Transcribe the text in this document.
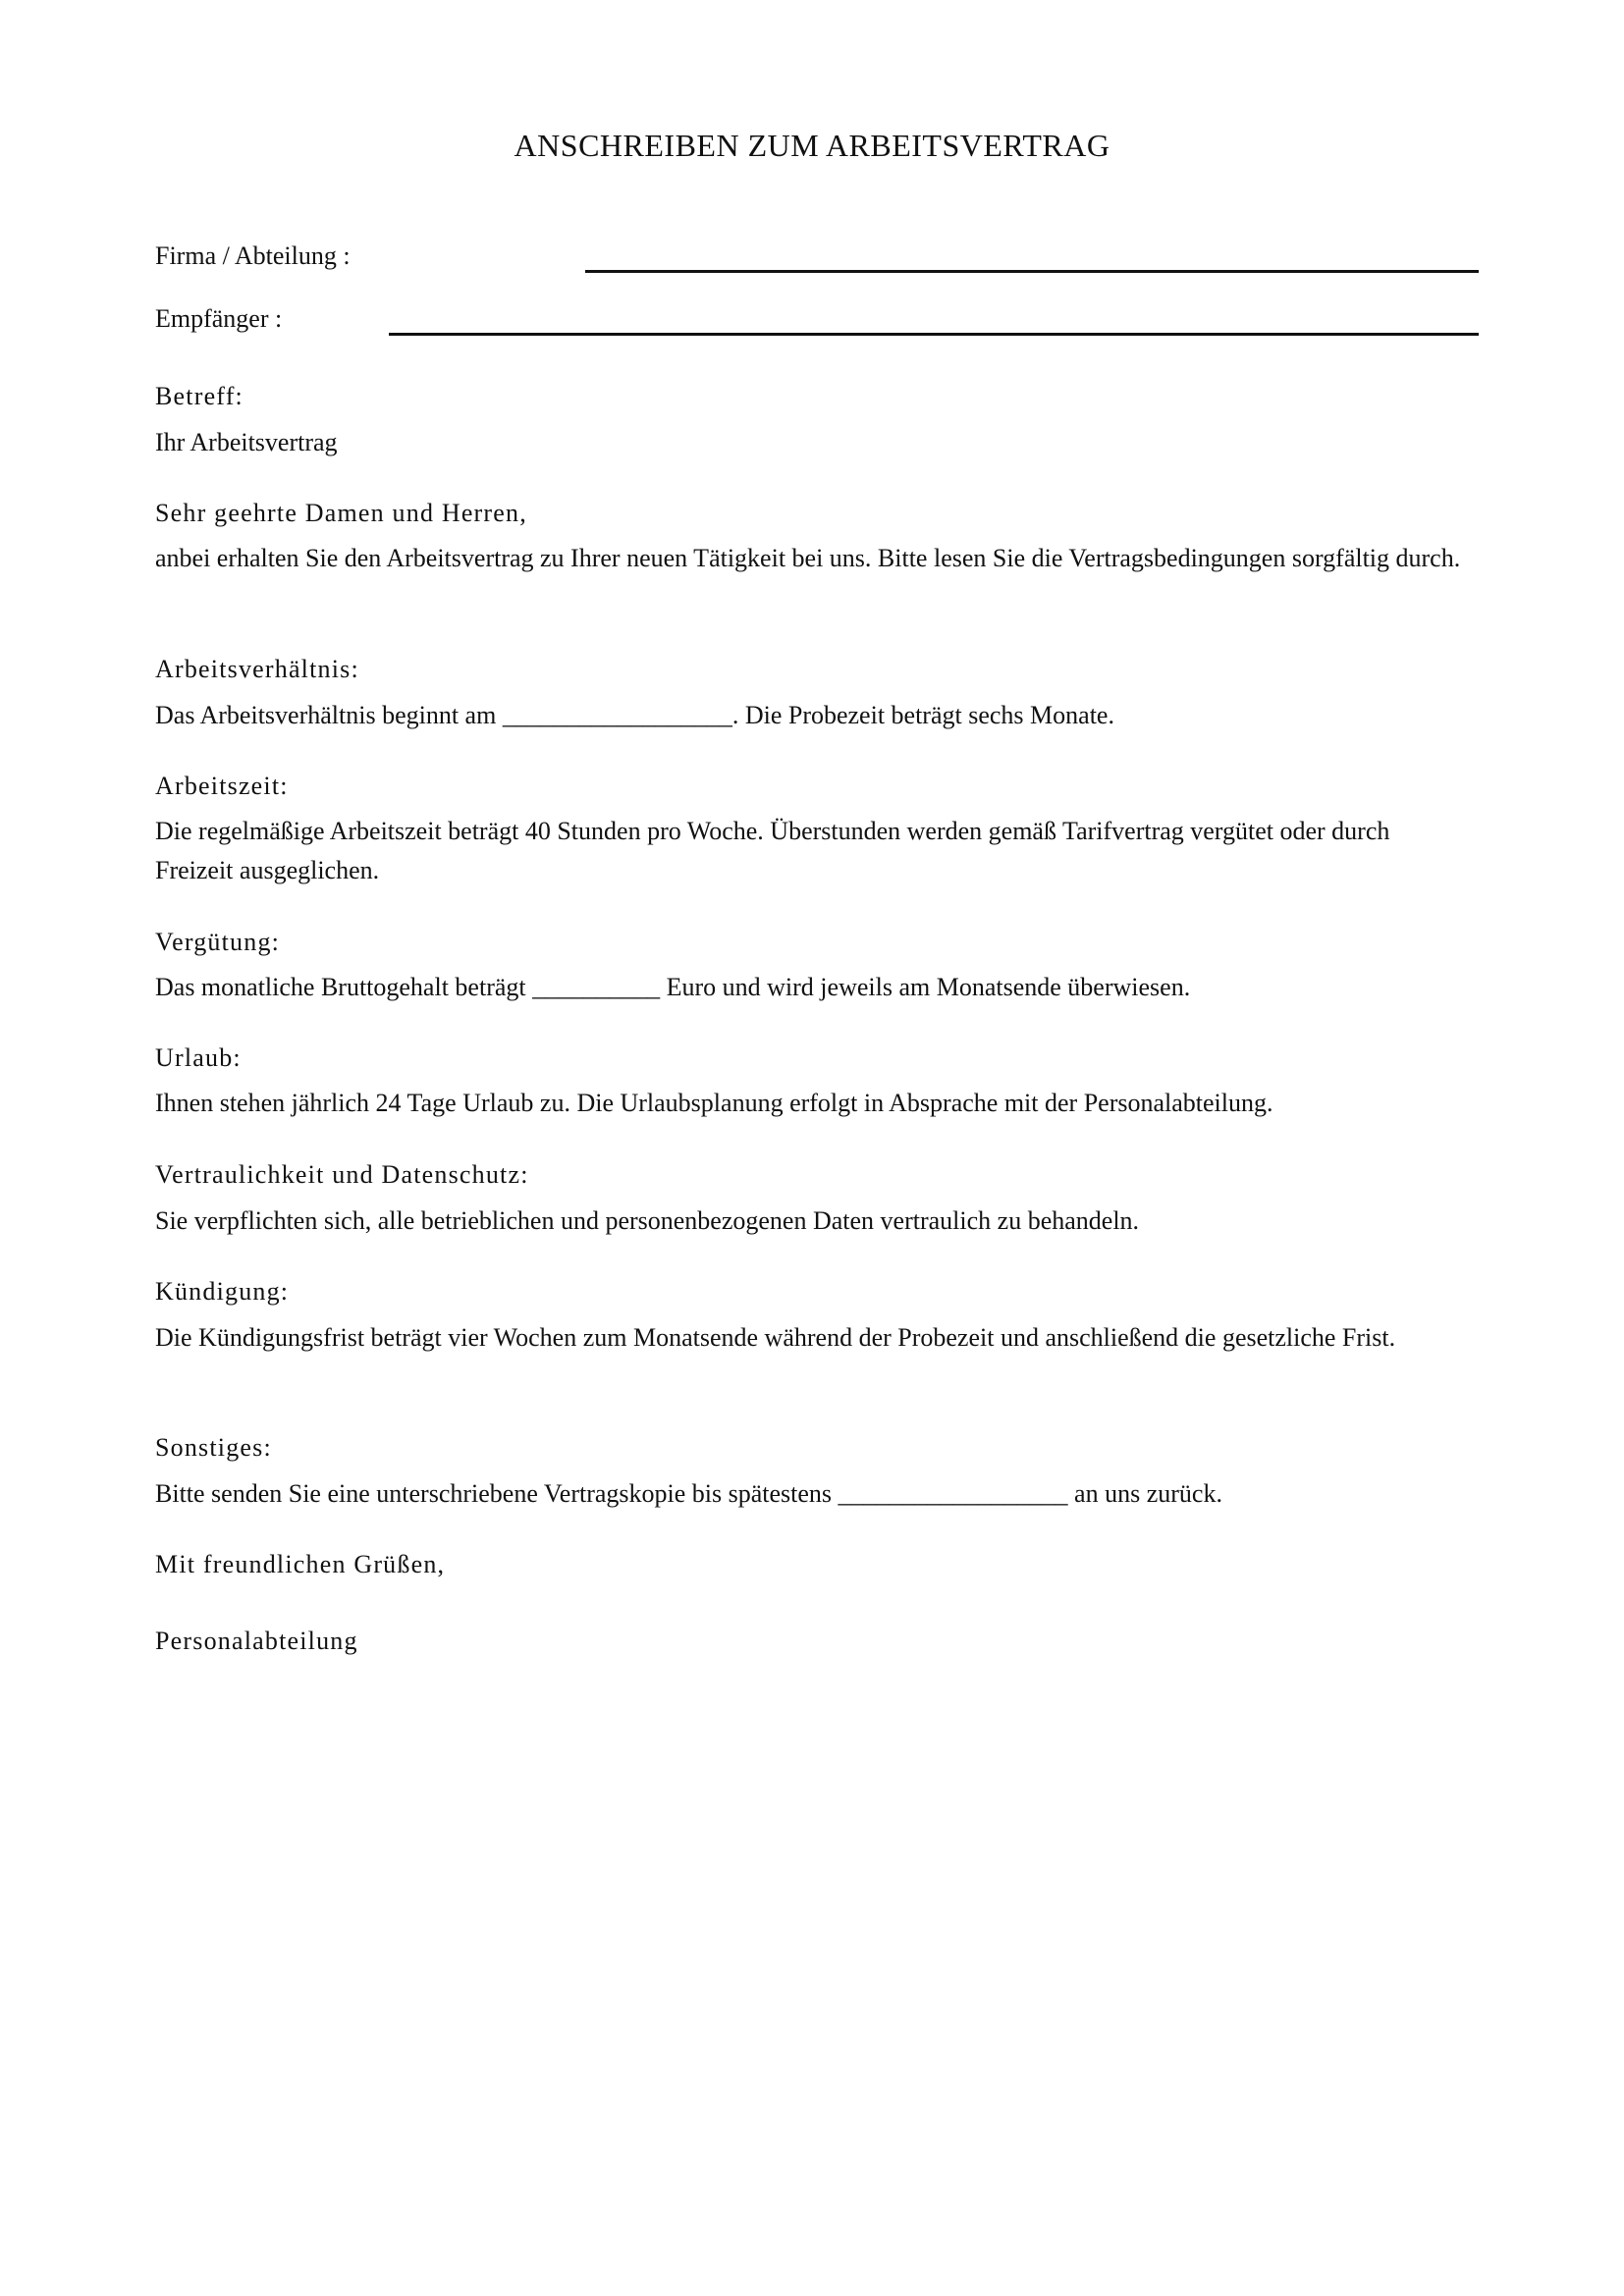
ANSCHREIBEN ZUM ARBEITSVERTRAG
Firma / Abteilung :
Empfänger :
Betreff:
Ihr Arbeitsvertrag
Sehr geehrte Damen und Herren,
anbei erhalten Sie den Arbeitsvertrag zu Ihrer neuen Tätigkeit bei uns. Bitte lesen Sie die Vertragsbedingungen sorgfältig durch.
Arbeitsverhältnis:
Das Arbeitsverhältnis beginnt am __________________. Die Probezeit beträgt sechs Monate.
Arbeitszeit:
Die regelmäßige Arbeitszeit beträgt 40 Stunden pro Woche. Überstunden werden gemäß Tarifvertrag vergütet oder durch Freizeit ausgeglichen.
Vergütung:
Das monatliche Bruttogehalt beträgt __________ Euro und wird jeweils am Monatsende überwiesen.
Urlaub:
Ihnen stehen jährlich 24 Tage Urlaub zu. Die Urlaubsplanung erfolgt in Absprache mit der Personalabteilung.
Vertraulichkeit und Datenschutz:
Sie verpflichten sich, alle betrieblichen und personenbezogenen Daten vertraulich zu behandeln.
Kündigung:
Die Kündigungsfrist beträgt vier Wochen zum Monatsende während der Probezeit und anschließend die gesetzliche Frist.
Sonstiges:
Bitte senden Sie eine unterschriebene Vertragskopie bis spätestens __________________ an uns zurück.
Mit freundlichen Grüßen,
Personalabteilung
